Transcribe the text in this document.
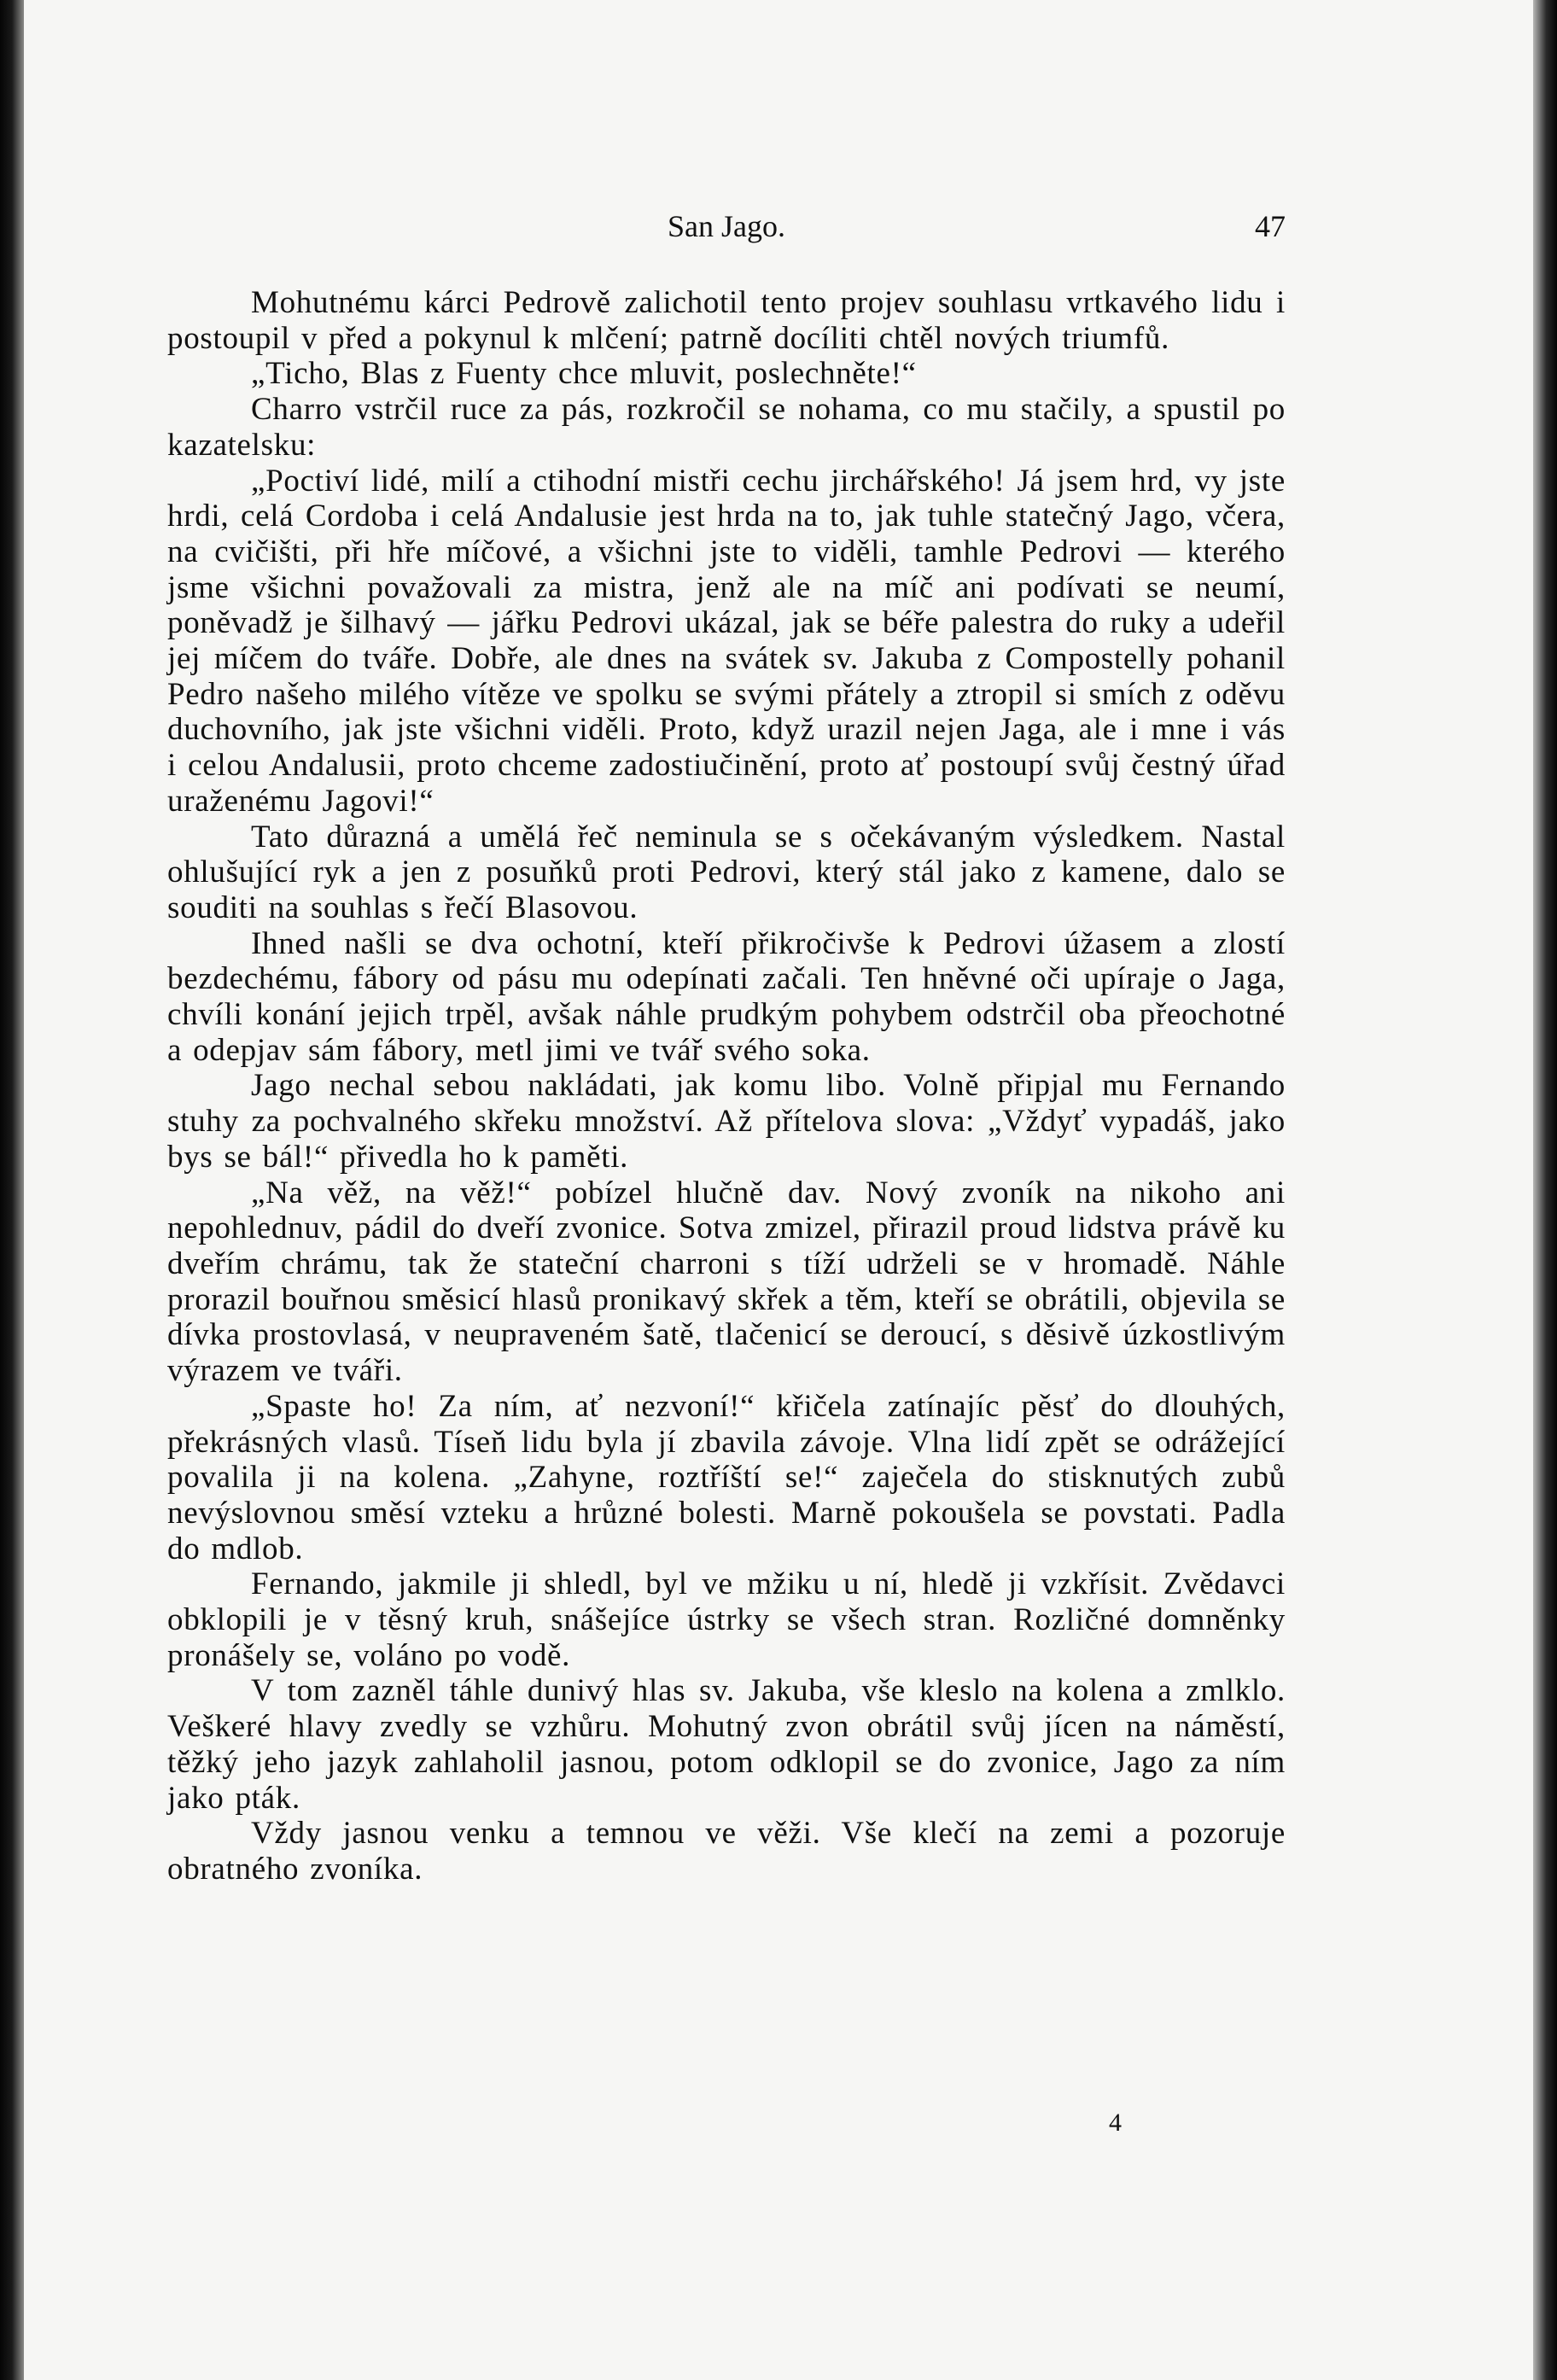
San Jago.	47

Mohutnému kárci Pedrově zalichotil tento projev souhlasu vrtkavého lidu i postoupil v před a pokynul k mlčení; patrně docíliti chtěl nových triumfů.

„Ticho, Blas z Fuenty chce mluvit, poslechněte!“

Charro vstrčil ruce za pás, rozkročil se nohama, co mu stačily, a spustil po kazatelsku:

„Poctiví lidé, milí a ctihodní mistři cechu jirchářského! Já jsem hrd, vy jste hrdi, celá Cordoba i celá Andalusie jest hrda na to, jak tuhle statečný Jago, včera, na cvičišti, při hře míčové, a všichni jste to viděli, tamhle Pedrovi — kterého jsme všichni považovali za mistra, jenž ale na míč ani podívati se neumí, poněvadž je šilhavý — jářku Pedrovi ukázal, jak se béře palestra do ruky a udeřil jej míčem do tváře. Dobře, ale dnes na svátek sv. Jakuba z Compostelly pohanil Pedro našeho milého vítěze ve spolku se svými přátely a ztropil si smích z oděvu duchovního, jak jste všichni viděli. Proto, když urazil nejen Jaga, ale i mne i vás i celou Andalusii, proto chceme zadostiučinění, proto ať postoupí svůj čestný úřad uraženému Jagovi!“

Tato důrazná a umělá řeč neminula se s očekávaným výsledkem. Nastal ohlušující ryk a jen z posuňků proti Pedrovi, který stál jako z kamene, dalo se souditi na souhlas s řečí Blasovou.

Ihned našli se dva ochotní, kteří přikročivše k Pedrovi úžasem a zlostí bezdechému, fábory od pásu mu odepínati začali. Ten hněvné oči upíraje o Jaga, chvíli konání jejich trpěl, avšak náhle prudkým pohybem odstrčil oba přeochotné a odepjav sám fábory, metl jimi ve tvář svého soka.

Jago nechal sebou nakládati, jak komu libo. Volně připjal mu Fernando stuhy za pochvalného skřeku množství. Až přítelova slova: „Vždyť vypadáš, jako bys se bál!“ přivedla ho k paměti.

„Na věž, na věž!“ pobízel hlučně dav. Nový zvoník na nikoho ani nepohlednuv, pádil do dveří zvonice. Sotva zmizel, přirazil proud lidstva právě ku dveřím chrámu, tak že stateční charroni s tíží udrželi se v hromadě. Náhle prorazil bouřnou směsicí hlasů pronikavý skřek a těm, kteří se obrátili, objevila se dívka prostovlasá, v neupraveném šatě, tlačenicí se deroucí, s děsivě úzkostlivým výrazem ve tváři.

„Spaste ho! Za ním, ať nezvoní!“ křičela zatínajíc pěsť do dlouhých, překrásných vlasů. Tíseň lidu byla jí zbavila závoje. Vlna lidí zpět se odrážející povalila ji na kolena. „Zahyne, roztříští se!“ zaječela do stisknutých zubů nevýslovnou směsí vzteku a hrůzné bolesti. Marně pokoušela se povstati. Padla do mdlob.

Fernando, jakmile ji shledl, byl ve mžiku u ní, hledě ji vzkřísit. Zvědavci obklopili je v těsný kruh, snášejíce ústrky se všech stran. Rozličné domněnky pronášely se, voláno po vodě.

V tom zazněl táhle dunivý hlas sv. Jakuba, vše kleslo na kolena a zmlklo. Veškeré hlavy zvedly se vzhůru. Mohutný zvon obrátil svůj jícen na náměstí, těžký jeho jazyk zahlaholil jasnou, potom odklopil se do zvonice, Jago za ním jako pták.

Vždy jasnou venku a temnou ve věži. Vše klečí na zemi a pozoruje obratného zvoníka.

4
